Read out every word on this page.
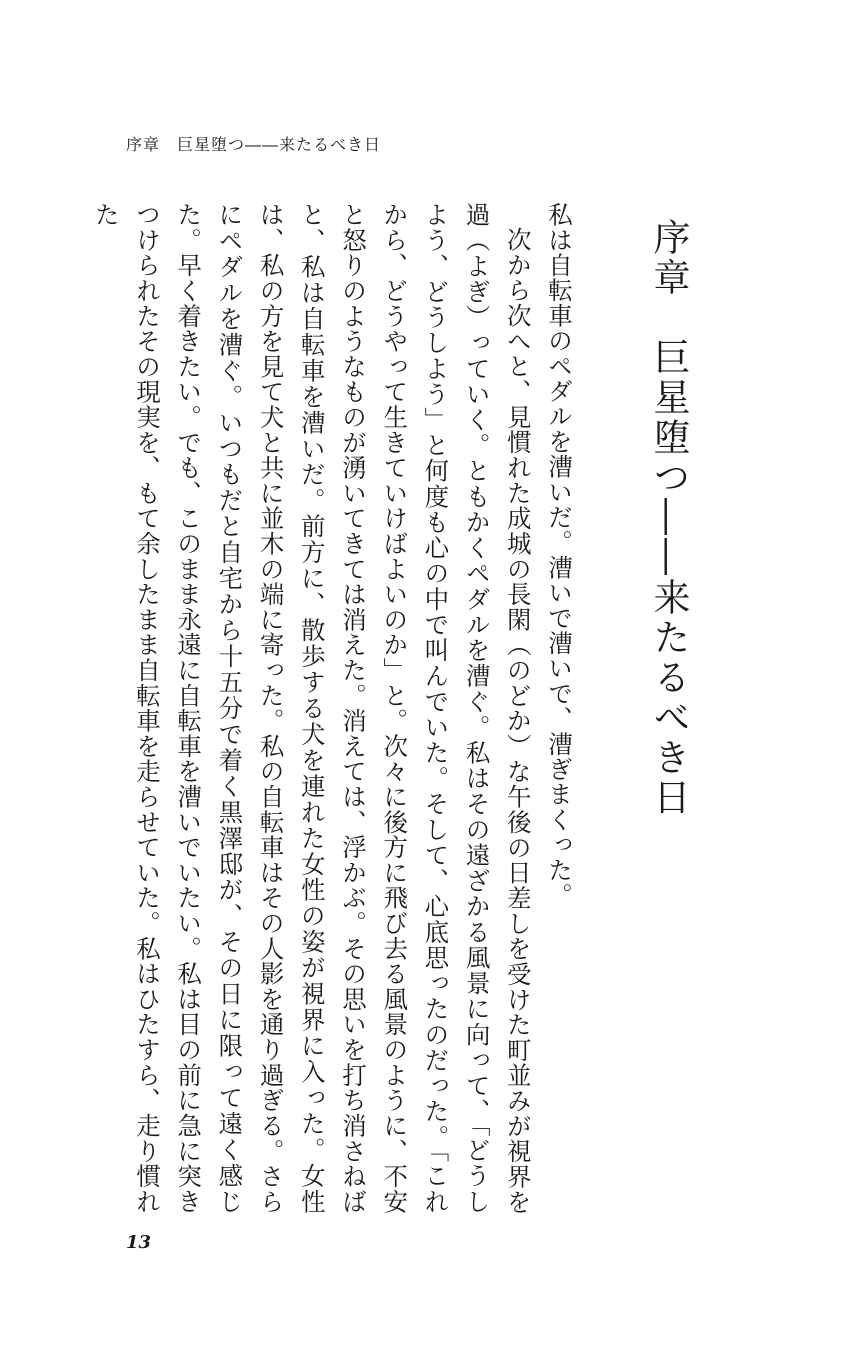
序章　巨星堕つ――来たるべき日
序章　巨星堕つ――来たるべき日

私は自転車のペダルを漕いだ。漕いで漕いで、漕ぎまくった。

次から次へと、見慣れた成城の長閑（のどか）な午後の日差しを受けた町並みが視界を過（よぎ）っていく。ともかくペダルを漕ぐ。私はその遠ざかる風景に向って、「どうしよう、どうしよう」と何度も心の中で叫んでいた。そして、心底思ったのだった。「これから、どうやって生きていけばよいのか」と。次々に後方に飛び去る風景のように、不安と怒りのようなものが湧いてきては消えた。消えては、浮かぶ。その思いを打ち消さねばと、私は自転車を漕いだ。前方に、散歩する犬を連れた女性の姿が視界に入った。女性は、私の方を見て犬と共に並木の端に寄った。私の自転車はその人影を通り過ぎる。さらにペダルを漕ぐ。いつもだと自宅から十五分で着く黒澤邸が、その日に限って遠く感じた。早く着きたい。でも、このまま永遠に自転車を漕いでいたい。私は目の前に急に突きつけられたその現実を、もて余したまま自転車を走らせていた。私はひたすら、走り慣れた

13
